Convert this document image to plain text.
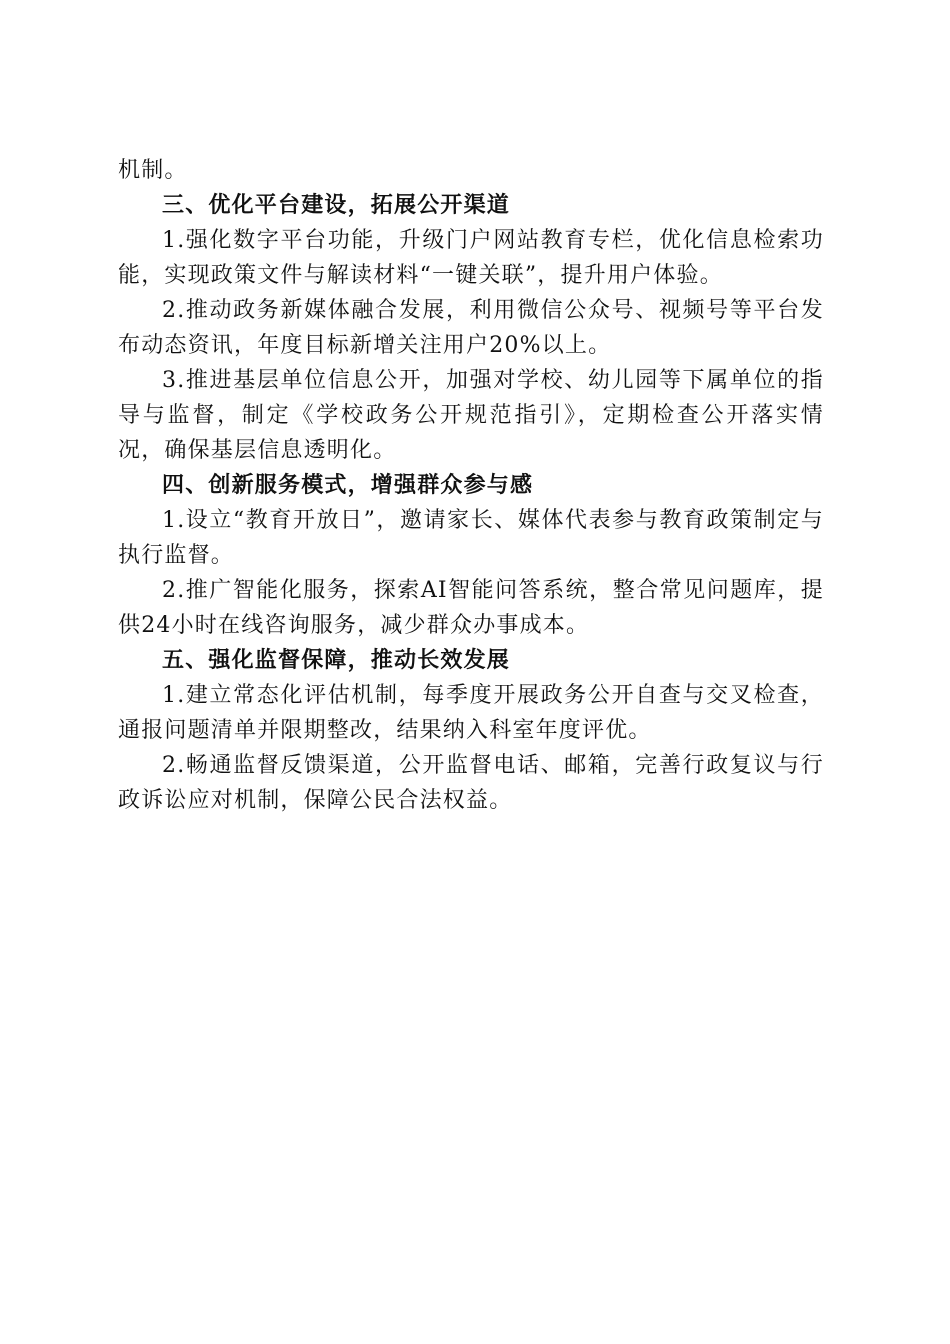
机制。

三、优化平台建设，拓展公开渠道

1.强化数字平台功能，升级门户网站教育专栏，优化信息检索功能，实现政策文件与解读材料“一键关联”，提升用户体验。

2.推动政务新媒体融合发展，利用微信公众号、视频号等平台发布动态资讯，年度目标新增关注用户20%以上。

3.推进基层单位信息公开，加强对学校、幼儿园等下属单位的指导与监督，制定《学校政务公开规范指引》，定期检查公开落实情况，确保基层信息透明化。

四、创新服务模式，增强群众参与感

1.设立“教育开放日”，邀请家长、媒体代表参与教育政策制定与执行监督。

2.推广智能化服务，探索AI智能问答系统，整合常见问题库，提供24小时在线咨询服务，减少群众办事成本。

五、强化监督保障，推动长效发展

1.建立常态化评估机制，每季度开展政务公开自查与交叉检查，通报问题清单并限期整改，结果纳入科室年度评优。

2.畅通监督反馈渠道，公开监督电话、邮箱，完善行政复议与行政诉讼应对机制，保障公民合法权益。
